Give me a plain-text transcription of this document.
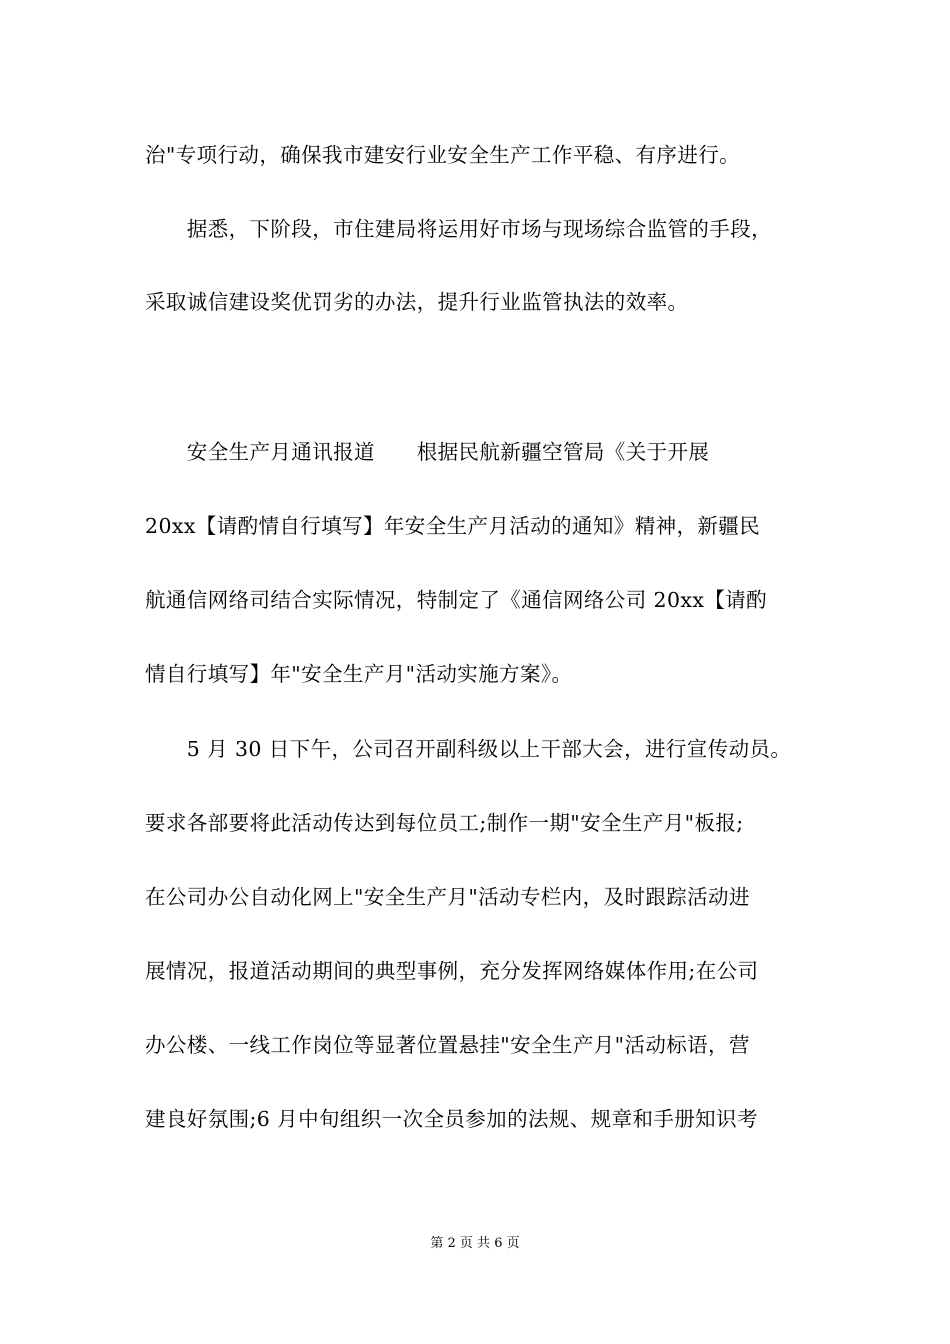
治"专项行动，确保我市建安行业安全生产工作平稳、有序进行。
　　据悉，下阶段，市住建局将运用好市场与现场综合监管的手段，
采取诚信建设奖优罚劣的办法，提升行业监管执法的效率。
　　安全生产月通讯报道　　根据民航新疆空管局《关于开展
20xx【请酌情自行填写】年安全生产月活动的通知》精神，新疆民
航通信网络司结合实际情况，特制定了《通信网络公司 20xx【请酌
情自行填写】年"安全生产月"活动实施方案》。
　　5 月 30 日下午，公司召开副科级以上干部大会，进行宣传动员。
要求各部要将此活动传达到每位员工;制作一期"安全生产月"板报;
在公司办公自动化网上"安全生产月"活动专栏内，及时跟踪活动进
展情况，报道活动期间的典型事例，充分发挥网络媒体作用;在公司
办公楼、一线工作岗位等显著位置悬挂"安全生产月"活动标语，营
建良好氛围;6 月中旬组织一次全员参加的法规、规章和手册知识考
第 2 页 共 6 页
